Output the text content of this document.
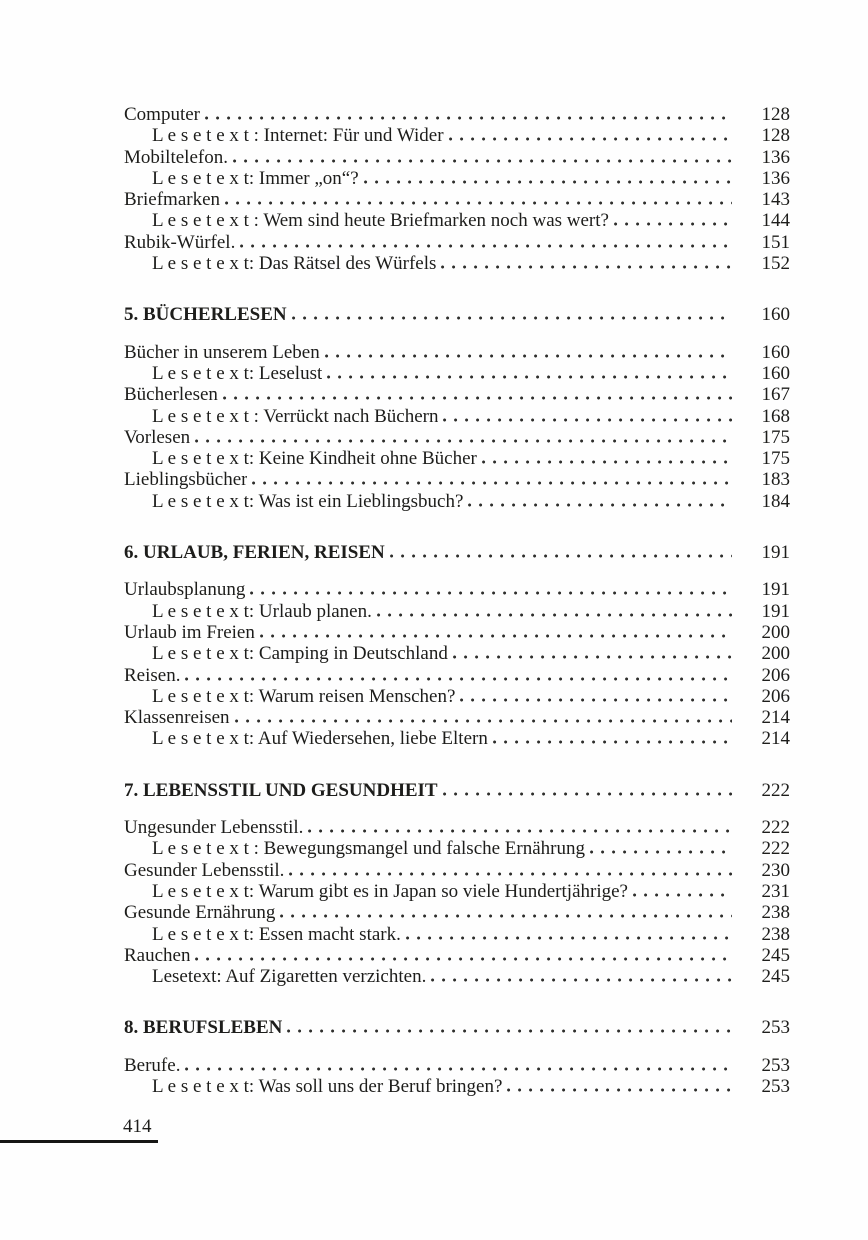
Computer	128
L e s e t e x t : Internet: Für und Wider	128
Mobiltelefon.	136
L e s e t e x t: Immer „on“?	136
Briefmarken	143
L e s e t e x t : Wem sind heute Briefmarken noch was wert?	144
Rubik-Würfel.	151
L e s e t e x t: Das Rätsel des Würfels	152
5. BÜCHERLESEN	160
Bücher in unserem Leben	160
L e s e t e x t: Leselust	160
Bücherlesen	167
L e s e t e x t : Verrückt nach Büchern	168
Vorlesen	175
L e s e t e x t: Keine Kindheit ohne Bücher	175
Lieblingsbücher	183
L e s e t e x t: Was ist ein Lieblingsbuch?	184
6. URLAUB, FERIEN, REISEN	191
Urlaubsplanung	191
L e s e t e x t: Urlaub planen.	191
Urlaub im Freien	200
L e s e t e x t: Camping in Deutschland	200
Reisen.	206
L e s e t e x t: Warum reisen Menschen?	206
Klassenreisen	214
L e s e t e x t: Auf Wiedersehen, liebe Eltern	214
7. LEBENSSTIL UND GESUNDHEIT	222
Ungesunder Lebensstil.	222
L e s e t e x t : Bewegungsmangel und falsche Ernährung	222
Gesunder Lebensstil.	230
L e s e t e x t: Warum gibt es in Japan so viele Hundertjährige?	231
Gesunde Ernährung	238
L e s e t e x t: Essen macht stark.	238
Rauchen	245
Lesetext: Auf Zigaretten verzichten.	245
8. BERUFSLEBEN	253
Berufe.	253
L e s e t e x t: Was soll uns der Beruf bringen?	253
414
